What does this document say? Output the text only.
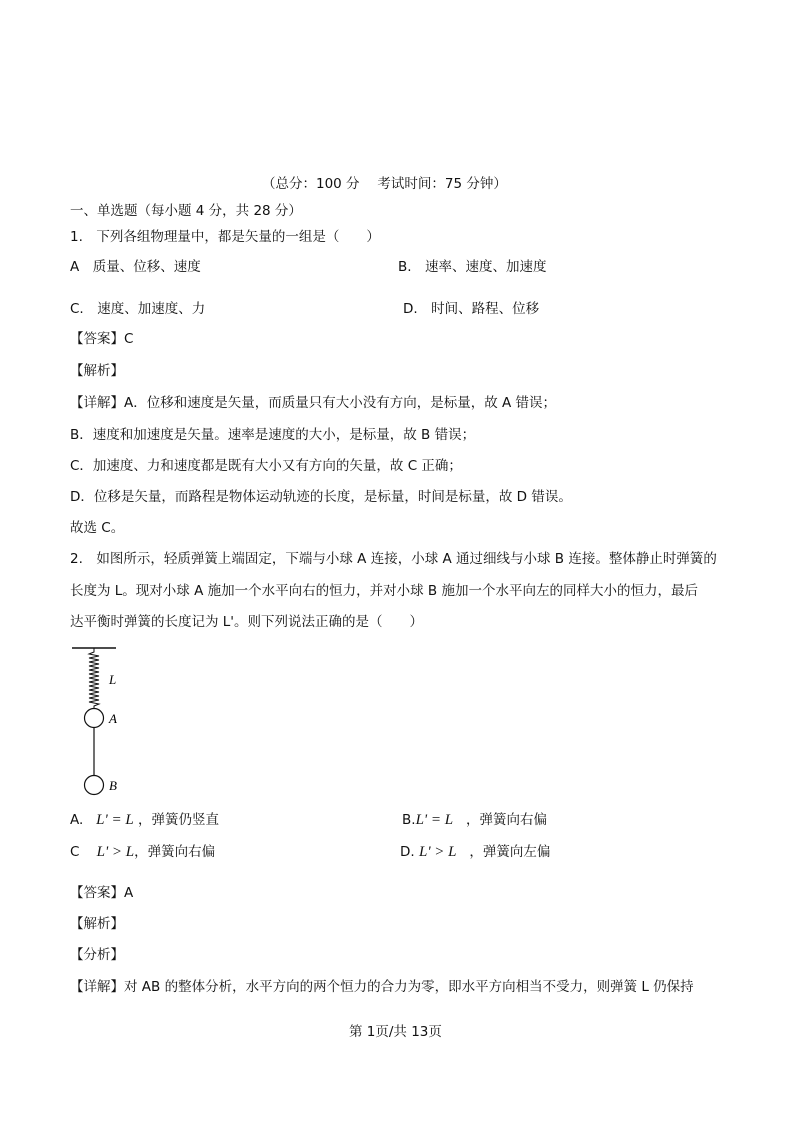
（总分：100 分　 考试时间：75 分钟）
一、单选题（每小题 4 分，共 28 分）
1.　下列各组物理量中，都是矢量的一组是（　　）
A　质量、位移、速度	B.　速率、速度、加速度
C.　速度、加速度、力	D.　时间、路程、位移
【答案】C
【解析】
【详解】A．位移和速度是矢量，而质量只有大小没有方向，是标量，故 A 错误；
B．速度和加速度是矢量。速率是速度的大小，是标量，故 B 错误；
C．加速度、力和速度都是既有大小又有方向的矢量，故 C 正确；
D．位移是矢量，而路程是物体运动轨迹的长度，是标量，时间是标量，故 D 错误。
故选 C。
2.　如图所示，轻质弹簧上端固定，下端与小球 A 连接，小球 A 通过细线与小球 B 连接。整体静止时弹簧的
长度为 L。现对小球 A 施加一个水平向右的恒力，并对小球 B 施加一个水平向左的同样大小的恒力，最后
达平衡时弹簧的长度记为 L'。则下列说法正确的是（　　）
L
A
B
A. L' = L ，弹簧仍竖直	B.L' = L ，弹簧向右偏
C L' > L，弹簧向右偏	D. L' > L ，弹簧向左偏
【答案】A
【解析】
【分析】
【详解】对 AB 的整体分析，水平方向的两个恒力的合力为零，即水平方向相当不受力，则弹簧 L 仍保持
第 1页/共 13页
